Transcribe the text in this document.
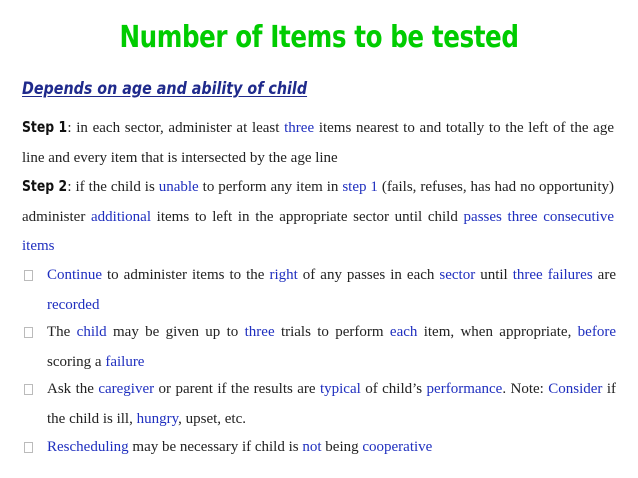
Number of Items to be tested
Depends on age and ability of child
Step 1: in each sector, administer at least three items nearest to and totally to the left of the age line and every item that is intersected by the age line
Step 2: if the child is unable to perform any item in step 1 (fails, refuses, has had no opportunity) administer additional items to left in the appropriate sector until child passes three consecutive items
Continue to administer items to the right of any passes in each sector until three failures are recorded
The child may be given up to three trials to perform each item, when appropriate, before scoring a failure
Ask the caregiver or parent if the results are typical of child’s performance. Note: Consider if the child is ill, hungry, upset, etc.
Rescheduling may be necessary if child is not being cooperative
